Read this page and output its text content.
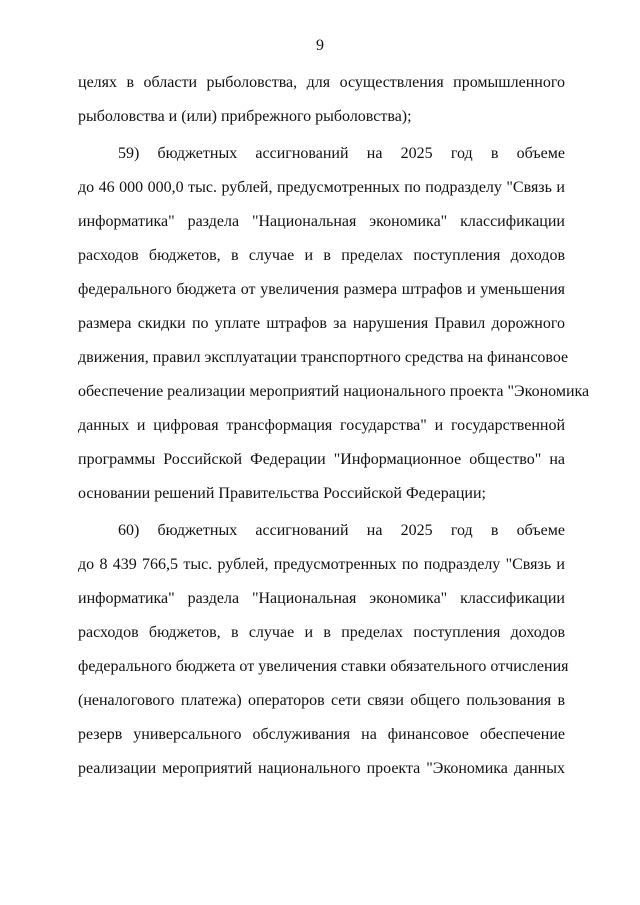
9
целях в области рыболовства, для осуществления промышленного
рыболовства и (или) прибрежного рыболовства);
59) бюджетных ассигнований на 2025 год в объеме
до 46 000 000,0 тыс. рублей, предусмотренных по подразделу "Связь и
информатика" раздела "Национальная экономика" классификации
расходов бюджетов, в случае и в пределах поступления доходов
федерального бюджета от увеличения размера штрафов и уменьшения
размера скидки по уплате штрафов за нарушения Правил дорожного
движения, правил эксплуатации транспортного средства на финансовое
обеспечение реализации мероприятий национального проекта "Экономика
данных и цифровая трансформация государства" и государственной
программы Российской Федерации "Информационное общество" на
основании решений Правительства Российской Федерации;
60) бюджетных ассигнований на 2025 год в объеме
до 8 439 766,5 тыс. рублей, предусмотренных по подразделу "Связь и
информатика" раздела "Национальная экономика" классификации
расходов бюджетов, в случае и в пределах поступления доходов
федерального бюджета от увеличения ставки обязательного отчисления
(неналогового платежа) операторов сети связи общего пользования в
резерв универсального обслуживания на финансовое обеспечение
реализации мероприятий национального проекта "Экономика данных
